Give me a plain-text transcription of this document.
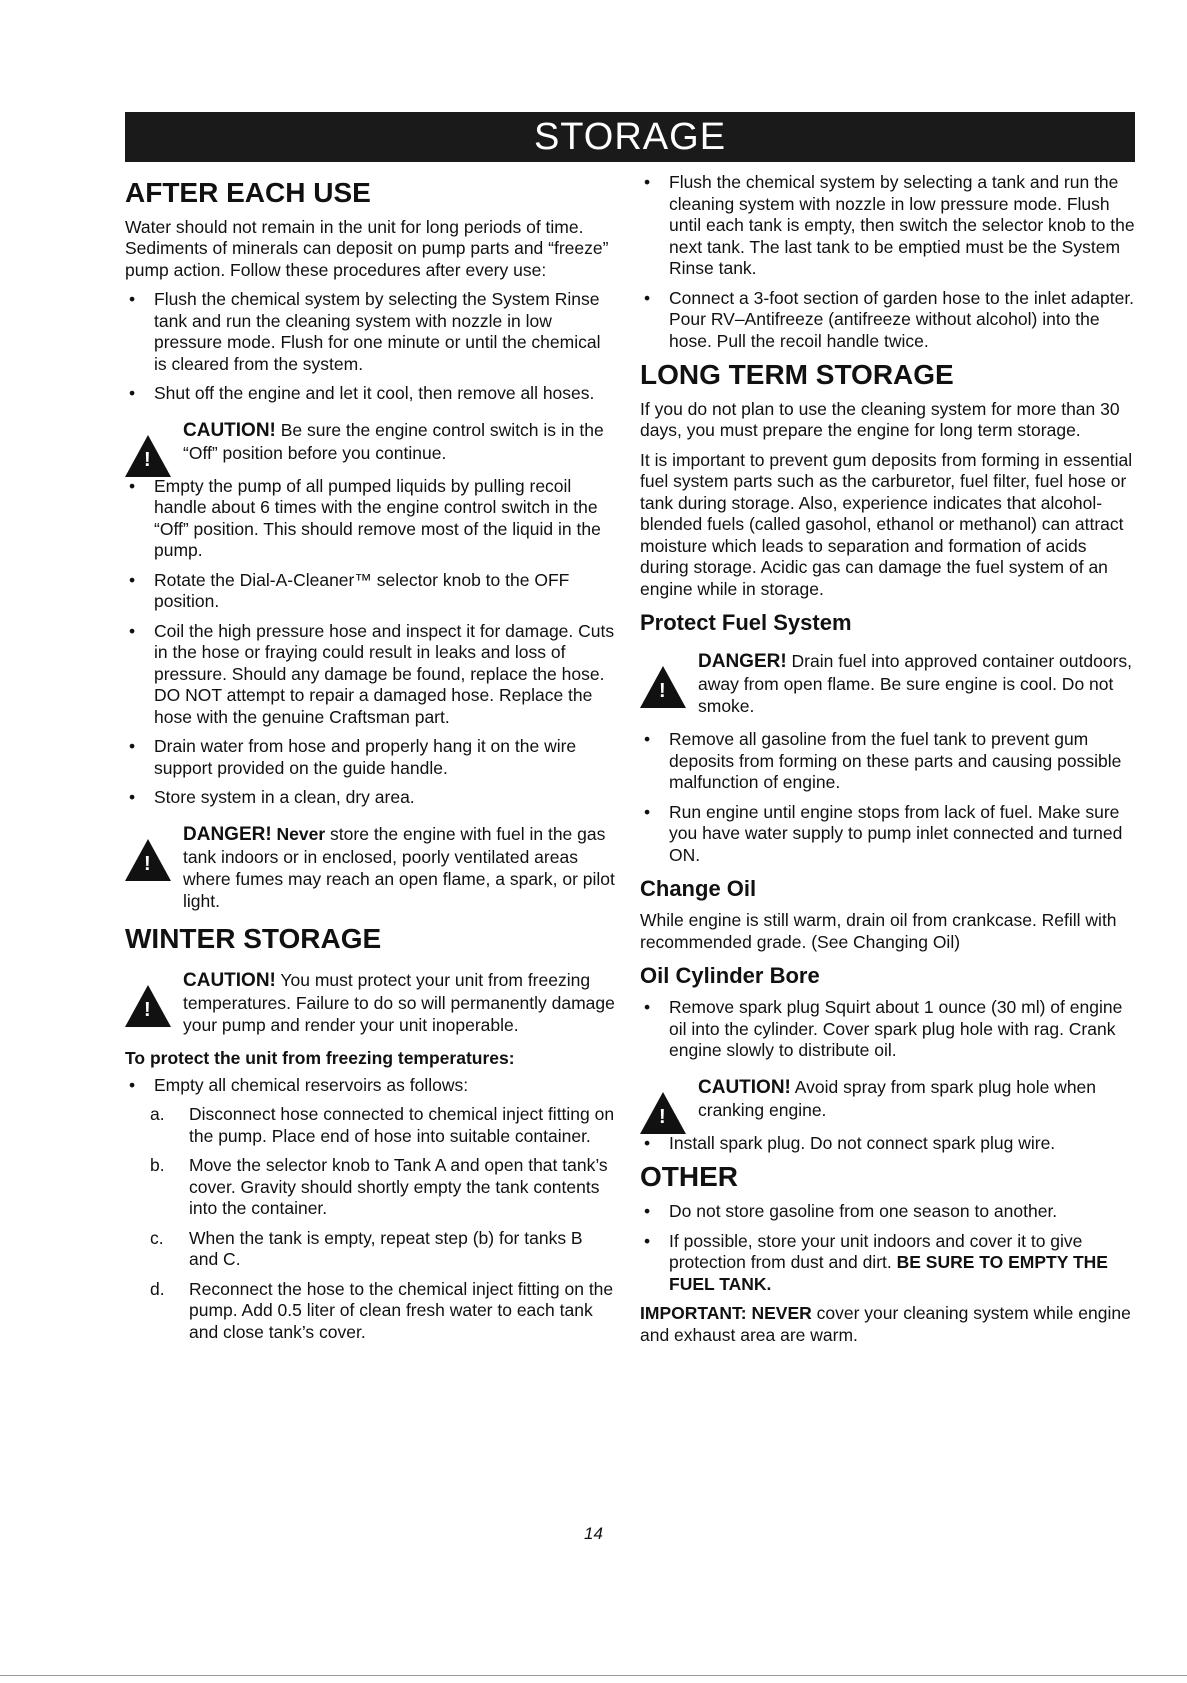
STORAGE
AFTER EACH USE

Water should not remain in the unit for long periods of time. Sediments of minerals can deposit on pump parts and “freeze” pump action. Follow these procedures after every use:

• Flush the chemical system by selecting the System Rinse tank and run the cleaning system with nozzle in low pressure mode. Flush for one minute or until the chemical is cleared from the system.
• Shut off the engine and let it cool, then remove all hoses.
!
CAUTION! Be sure the engine control switch is in the “Off” position before you continue.
• Empty the pump of all pumped liquids by pulling recoil handle about 6 times with the engine control switch in the “Off” position. This should remove most of the liquid in the pump.
• Rotate the Dial-A-Cleaner™ selector knob to the OFF position.
• Coil the high pressure hose and inspect it for damage. Cuts in the hose or fraying could result in leaks and loss of pressure. Should any damage be found, replace the hose. DO NOT attempt to repair a damaged hose. Replace the hose with the genuine Craftsman part.
• Drain water from hose and properly hang it on the wire support provided on the guide handle.
• Store system in a clean, dry area.
!
DANGER! Never store the engine with fuel in the gas tank indoors or in enclosed, poorly ventilated areas where fumes may reach an open flame, a spark, or pilot light.
WINTER STORAGE
!
CAUTION! You must protect your unit from freezing temperatures. Failure to do so will permanently damage your pump and render your unit inoperable.
To protect the unit from freezing temperatures:
• Empty all chemical reservoirs as follows:
a. Disconnect hose connected to chemical inject fitting on the pump. Place end of hose into suitable container.
b. Move the selector knob to Tank A and open that tank’s cover. Gravity should shortly empty the tank contents into the container.
c. When the tank is empty, repeat step (b) for tanks B and C.
d. Reconnect the hose to the chemical inject fitting on the pump. Add 0.5 liter of clean fresh water to each tank and close tank’s cover.
• Flush the chemical system by selecting a tank and run the cleaning system with nozzle in low pressure mode. Flush until each tank is empty, then switch the selector knob to the next tank. The last tank to be emptied must be the System Rinse tank.
• Connect a 3-foot section of garden hose to the inlet adapter. Pour RV–Antifreeze (antifreeze without alcohol) into the hose. Pull the recoil handle twice.
LONG TERM STORAGE

If you do not plan to use the cleaning system for more than 30 days, you must prepare the engine for long term storage.

It is important to prevent gum deposits from forming in essential fuel system parts such as the carburetor, fuel filter, fuel hose or tank during storage. Also, experience indicates that alcohol-blended fuels (called gasohol, ethanol or methanol) can attract moisture which leads to separation and formation of acids during storage. Acidic gas can damage the fuel system of an engine while in storage.

Protect Fuel System
!
DANGER! Drain fuel into approved container outdoors, away from open flame. Be sure engine is cool. Do not smoke.
• Remove all gasoline from the fuel tank to prevent gum deposits from forming on these parts and causing possible malfunction of engine.
• Run engine until engine stops from lack of fuel. Make sure you have water supply to pump inlet connected and turned ON.
Change Oil

While engine is still warm, drain oil from crankcase. Refill with recommended grade. (See Changing Oil)

Oil Cylinder Bore
• Remove spark plug Squirt about 1 ounce (30 ml) of engine oil into the cylinder. Cover spark plug hole with rag. Crank engine slowly to distribute oil.
!
CAUTION! Avoid spray from spark plug hole when cranking engine.
• Install spark plug. Do not connect spark plug wire.
OTHER
• Do not store gasoline from one season to another.
• If possible, store your unit indoors and cover it to give protection from dust and dirt. BE SURE TO EMPTY THE FUEL TANK.

IMPORTANT: NEVER cover your cleaning system while engine and exhaust area are warm.

14
